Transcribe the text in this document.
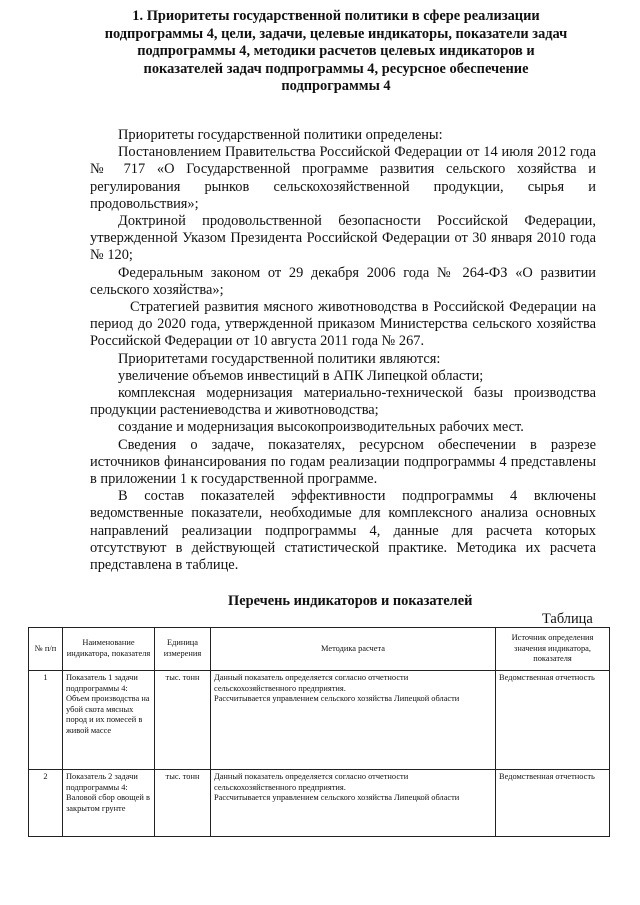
1. Приоритеты государственной политики в сфере реализации
подпрограммы 4, цели, задачи, целевые индикаторы, показатели задач
подпрограммы 4, методики расчетов целевых индикаторов и
показателей задач подпрограммы 4, ресурсное обеспечение
подпрограммы 4

Приоритеты государственной политики определены:

Постановлением Правительства Российской Федерации от 14 июля 2012 года № 717 «О Государственной программе развития сельского хозяйства и регулирования рынков сельскохозяйственной продукции, сырья и продовольствия»;

Доктриной продовольственной безопасности Российской Федерации, утвержденной Указом Президента Российской Федерации от 30 января 2010 года № 120;

Федеральным законом от 29 декабря 2006 года № 264-ФЗ «О развитии сельского хозяйства»;

Стратегией развития мясного животноводства в Российской Федерации на период до 2020 года, утвержденной приказом Министерства сельского хозяйства Российской Федерации от 10 августа 2011 года № 267.

Приоритетами государственной политики являются:

увеличение объемов инвестиций в АПК Липецкой области;

комплексная модернизация материально-технической базы производства продукции растениеводства и животноводства;

создание и модернизация высокопроизводительных рабочих мест.

Сведения о задаче, показателях, ресурсном обеспечении в разрезе источников финансирования по годам реализации подпрограммы 4 представлены в приложении 1 к государственной программе.

В состав показателей эффективности подпрограммы 4 включены ведомственные показатели, необходимые для комплексного анализа основных направлений реализации подпрограммы 4, данные для расчета которых отсутствуют в действующей статистической практике. Методика их расчета представлена в таблице.

Перечень индикаторов и показателей
Таблица
№ п/п	Наименование индикатора, показателя	Единица измерения	Методика расчета	Источник определения значения индикатора, показателя
1	Показатель 1 задачи подпрограммы 4: Объем производства на убой скота мясных пород и их помесей в живой массе	тыс. тонн	Данный показатель определяется согласно отчетности сельскохозяйственного предприятия.
Рассчитывается управлением сельского хозяйства Липецкой области	Ведомственная отчетность
2	Показатель 2 задачи подпрограммы 4: Валовой сбор овощей в закрытом грунте	тыс. тонн	Данный показатель определяется согласно отчетности сельскохозяйственного предприятия.
Рассчитывается управлением сельского хозяйства Липецкой области	Ведомственная отчетность
